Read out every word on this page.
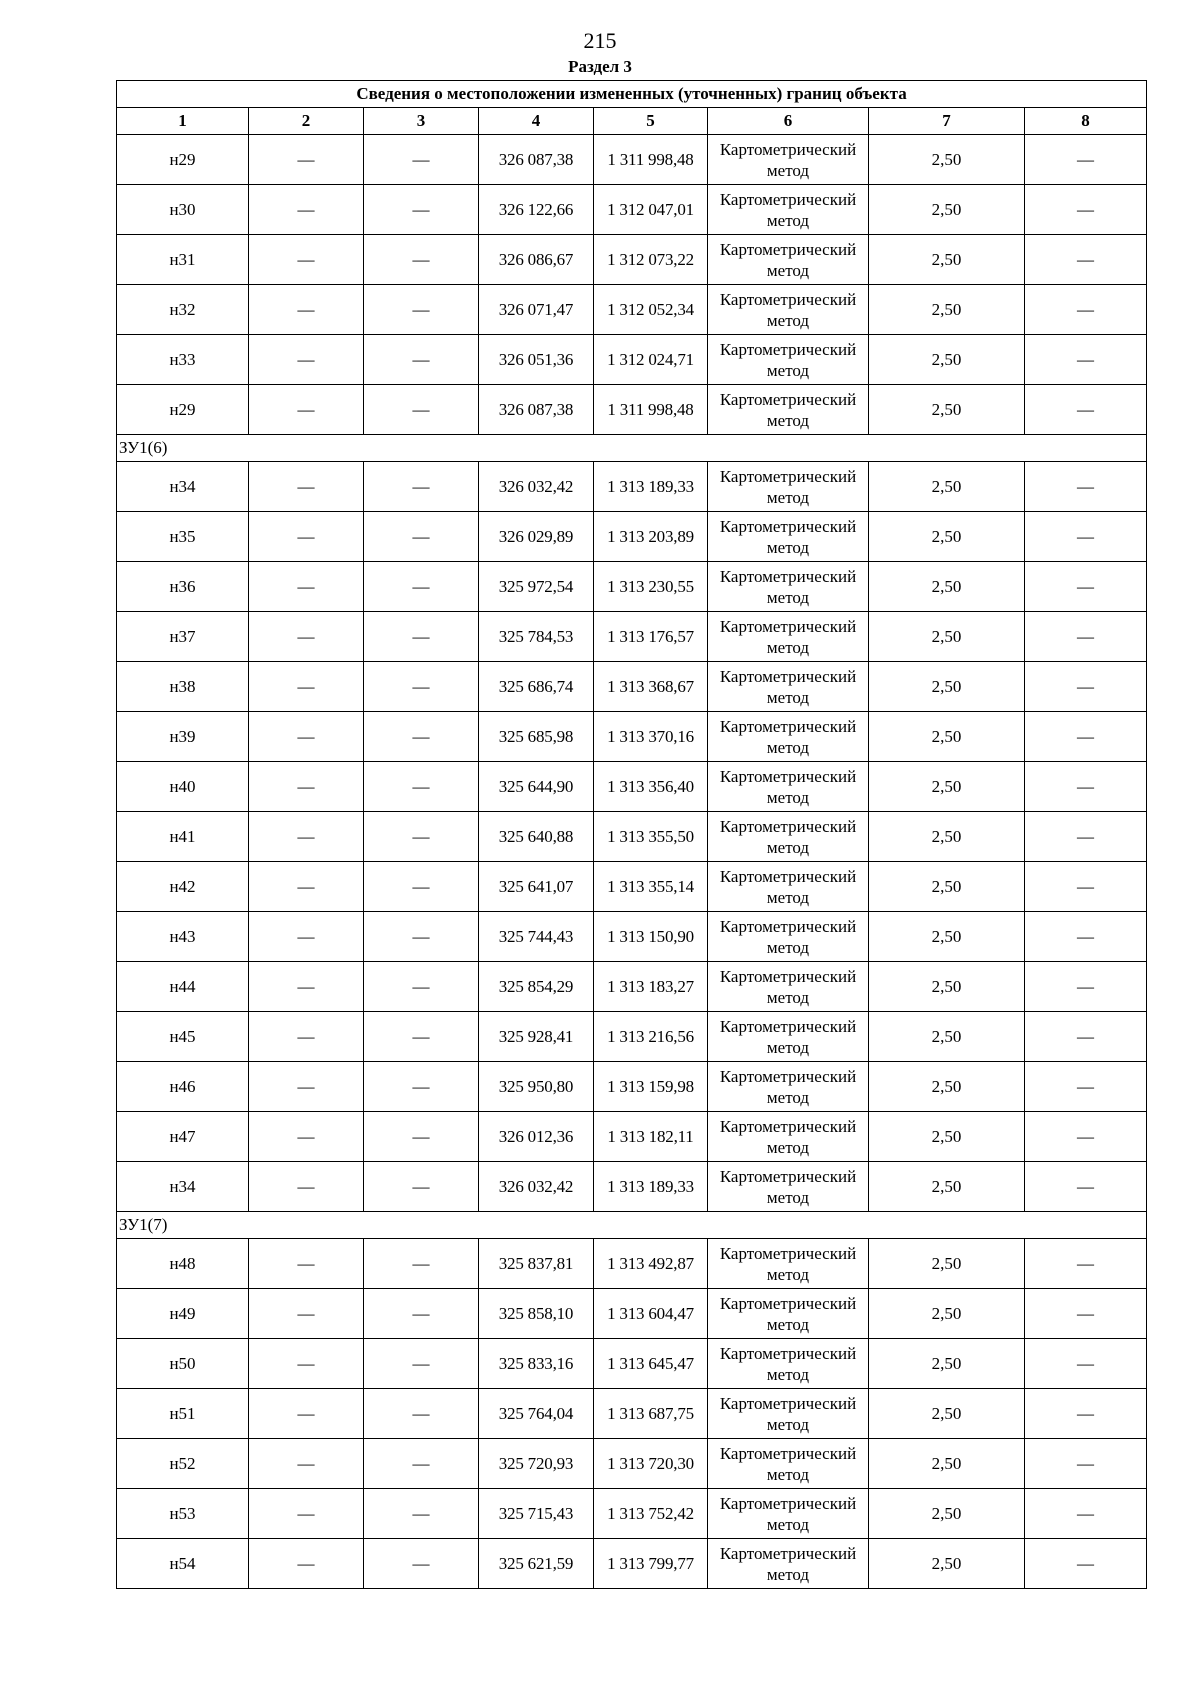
215
Раздел 3
Сведения о местоположении измененных (уточненных) границ объекта							
1	2	3	4	5	6	7	8
н29	—	—	326 087,38	1 311 998,48	Картометрический метод	2,50	—
н30	—	—	326 122,66	1 312 047,01	Картометрический метод	2,50	—
н31	—	—	326 086,67	1 312 073,22	Картометрический метод	2,50	—
н32	—	—	326 071,47	1 312 052,34	Картометрический метод	2,50	—
н33	—	—	326 051,36	1 312 024,71	Картометрический метод	2,50	—
н29	—	—	326 087,38	1 311 998,48	Картометрический метод	2,50	—
ЗУ1(6)							
н34	—	—	326 032,42	1 313 189,33	Картометрический метод	2,50	—
н35	—	—	326 029,89	1 313 203,89	Картометрический метод	2,50	—
н36	—	—	325 972,54	1 313 230,55	Картометрический метод	2,50	—
н37	—	—	325 784,53	1 313 176,57	Картометрический метод	2,50	—
н38	—	—	325 686,74	1 313 368,67	Картометрический метод	2,50	—
н39	—	—	325 685,98	1 313 370,16	Картометрический метод	2,50	—
н40	—	—	325 644,90	1 313 356,40	Картометрический метод	2,50	—
н41	—	—	325 640,88	1 313 355,50	Картометрический метод	2,50	—
н42	—	—	325 641,07	1 313 355,14	Картометрический метод	2,50	—
н43	—	—	325 744,43	1 313 150,90	Картометрический метод	2,50	—
н44	—	—	325 854,29	1 313 183,27	Картометрический метод	2,50	—
н45	—	—	325 928,41	1 313 216,56	Картометрический метод	2,50	—
н46	—	—	325 950,80	1 313 159,98	Картометрический метод	2,50	—
н47	—	—	326 012,36	1 313 182,11	Картометрический метод	2,50	—
н34	—	—	326 032,42	1 313 189,33	Картометрический метод	2,50	—
ЗУ1(7)							
н48	—	—	325 837,81	1 313 492,87	Картометрический метод	2,50	—
н49	—	—	325 858,10	1 313 604,47	Картометрический метод	2,50	—
н50	—	—	325 833,16	1 313 645,47	Картометрический метод	2,50	—
н51	—	—	325 764,04	1 313 687,75	Картометрический метод	2,50	—
н52	—	—	325 720,93	1 313 720,30	Картометрический метод	2,50	—
н53	—	—	325 715,43	1 313 752,42	Картометрический метод	2,50	—
н54	—	—	325 621,59	1 313 799,77	Картометрический метод	2,50	—
